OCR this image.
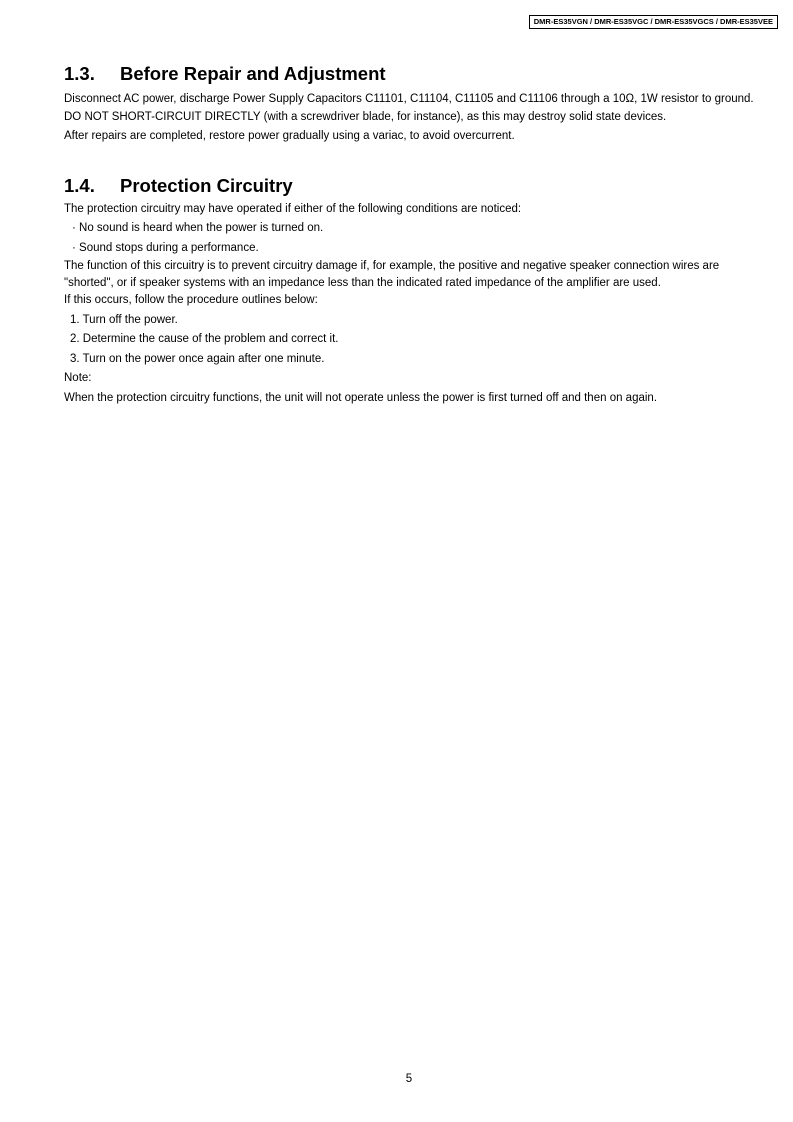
DMR-ES35VGN / DMR-ES35VGC / DMR-ES35VGCS / DMR-ES35VEE
1.3.	Before Repair and Adjustment

Disconnect AC power, discharge Power Supply Capacitors C11101, C11104, C11105 and C11106 through a 10Ω, 1W resistor to ground.

DO NOT SHORT-CIRCUIT DIRECTLY (with a screwdriver blade, for instance), as this may destroy solid state devices.

After repairs are completed, restore power gradually using a variac, to avoid overcurrent.

1.4.	Protection Circuitry

The protection circuitry may have operated if either of the following conditions are noticed:

· No sound is heard when the power is turned on.
· Sound stops during a performance.

The function of this circuitry is to prevent circuitry damage if, for example, the positive and negative speaker connection wires are "shorted", or if speaker systems with an impedance less than the indicated rated impedance of the amplifier are used.

If this occurs, follow the procedure outlines below:

1. Turn off the power.
2. Determine the cause of the problem and correct it.
3. Turn on the power once again after one minute.

Note:

When the protection circuitry functions, the unit will not operate unless the power is first turned off and then on again.

5
